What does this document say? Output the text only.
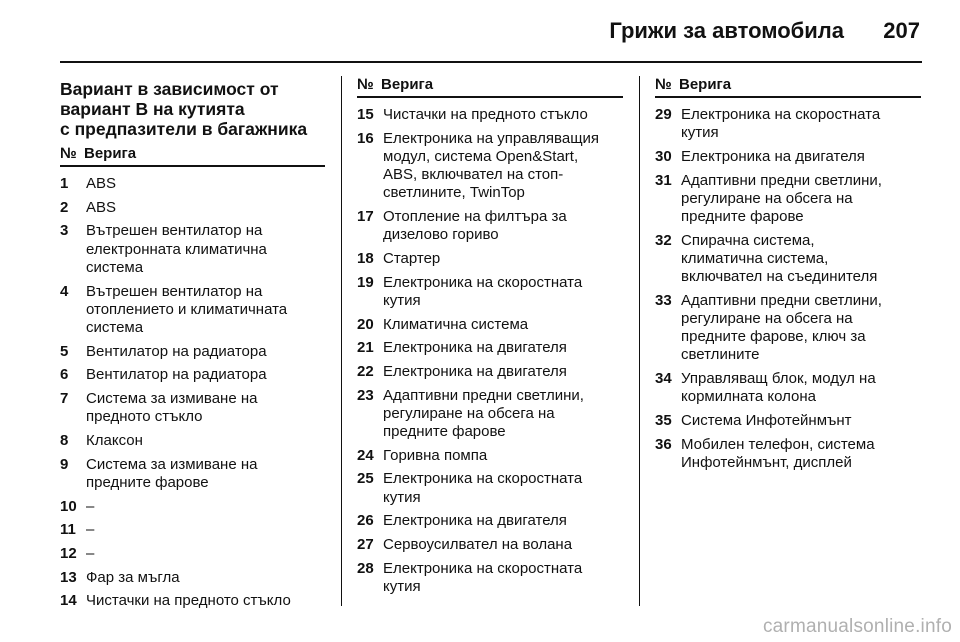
Грижи за автомобила 207
Вариант в зависимост от
вариант В на кутията
с предпазители в багажника
№ Верига
1	ABS
2	ABS
3	Вътрешен вентилатор на
електронната климатична
система
4	Вътрешен вентилатор на
отоплението и климатичната
система
5	Вентилатор на радиатора
6	Вентилатор на радиатора
7	Система за измиване на
предното стъкло
8	Клаксон
9	Система за измиване на
предните фарове
10 –
11 –
12 –
13 Фар за мъгла
14 Чистачки на предното стъкло
№ Верига
15 Чистачки на предното стъкло
16 Електроника на управляващия
модул, система Open&Start,
ABS, включвател на стоп-
светлините, TwinTop
17 Отопление на филтъра за
дизелово гориво
18 Стартер
19 Електроника на скоростната
кутия
20 Климатична система
21 Електроника на двигателя
22 Електроника на двигателя
23 Адаптивни предни светлини,
регулиране на обсега на
предните фарове
24 Горивна помпа
25 Електроника на скоростната
кутия
26 Електроника на двигателя
27 Сервоусилвател на волана
28 Електроника на скоростната
кутия
№ Верига
29 Електроника на скоростната
кутия
30 Електроника на двигателя
31 Адаптивни предни светлини,
регулиране на обсега на
предните фарове
32 Спирачна система,
климатична система,
включвател на съединителя
33 Адаптивни предни светлини,
регулиране на обсега на
предните фарове, ключ за
светлините
34 Управляващ блок, модул на
кормилната колона
35 Система Инфотейнмънт
36 Мобилен телефон, система
Инфотейнмънт, дисплей
carmanualsonline.info
